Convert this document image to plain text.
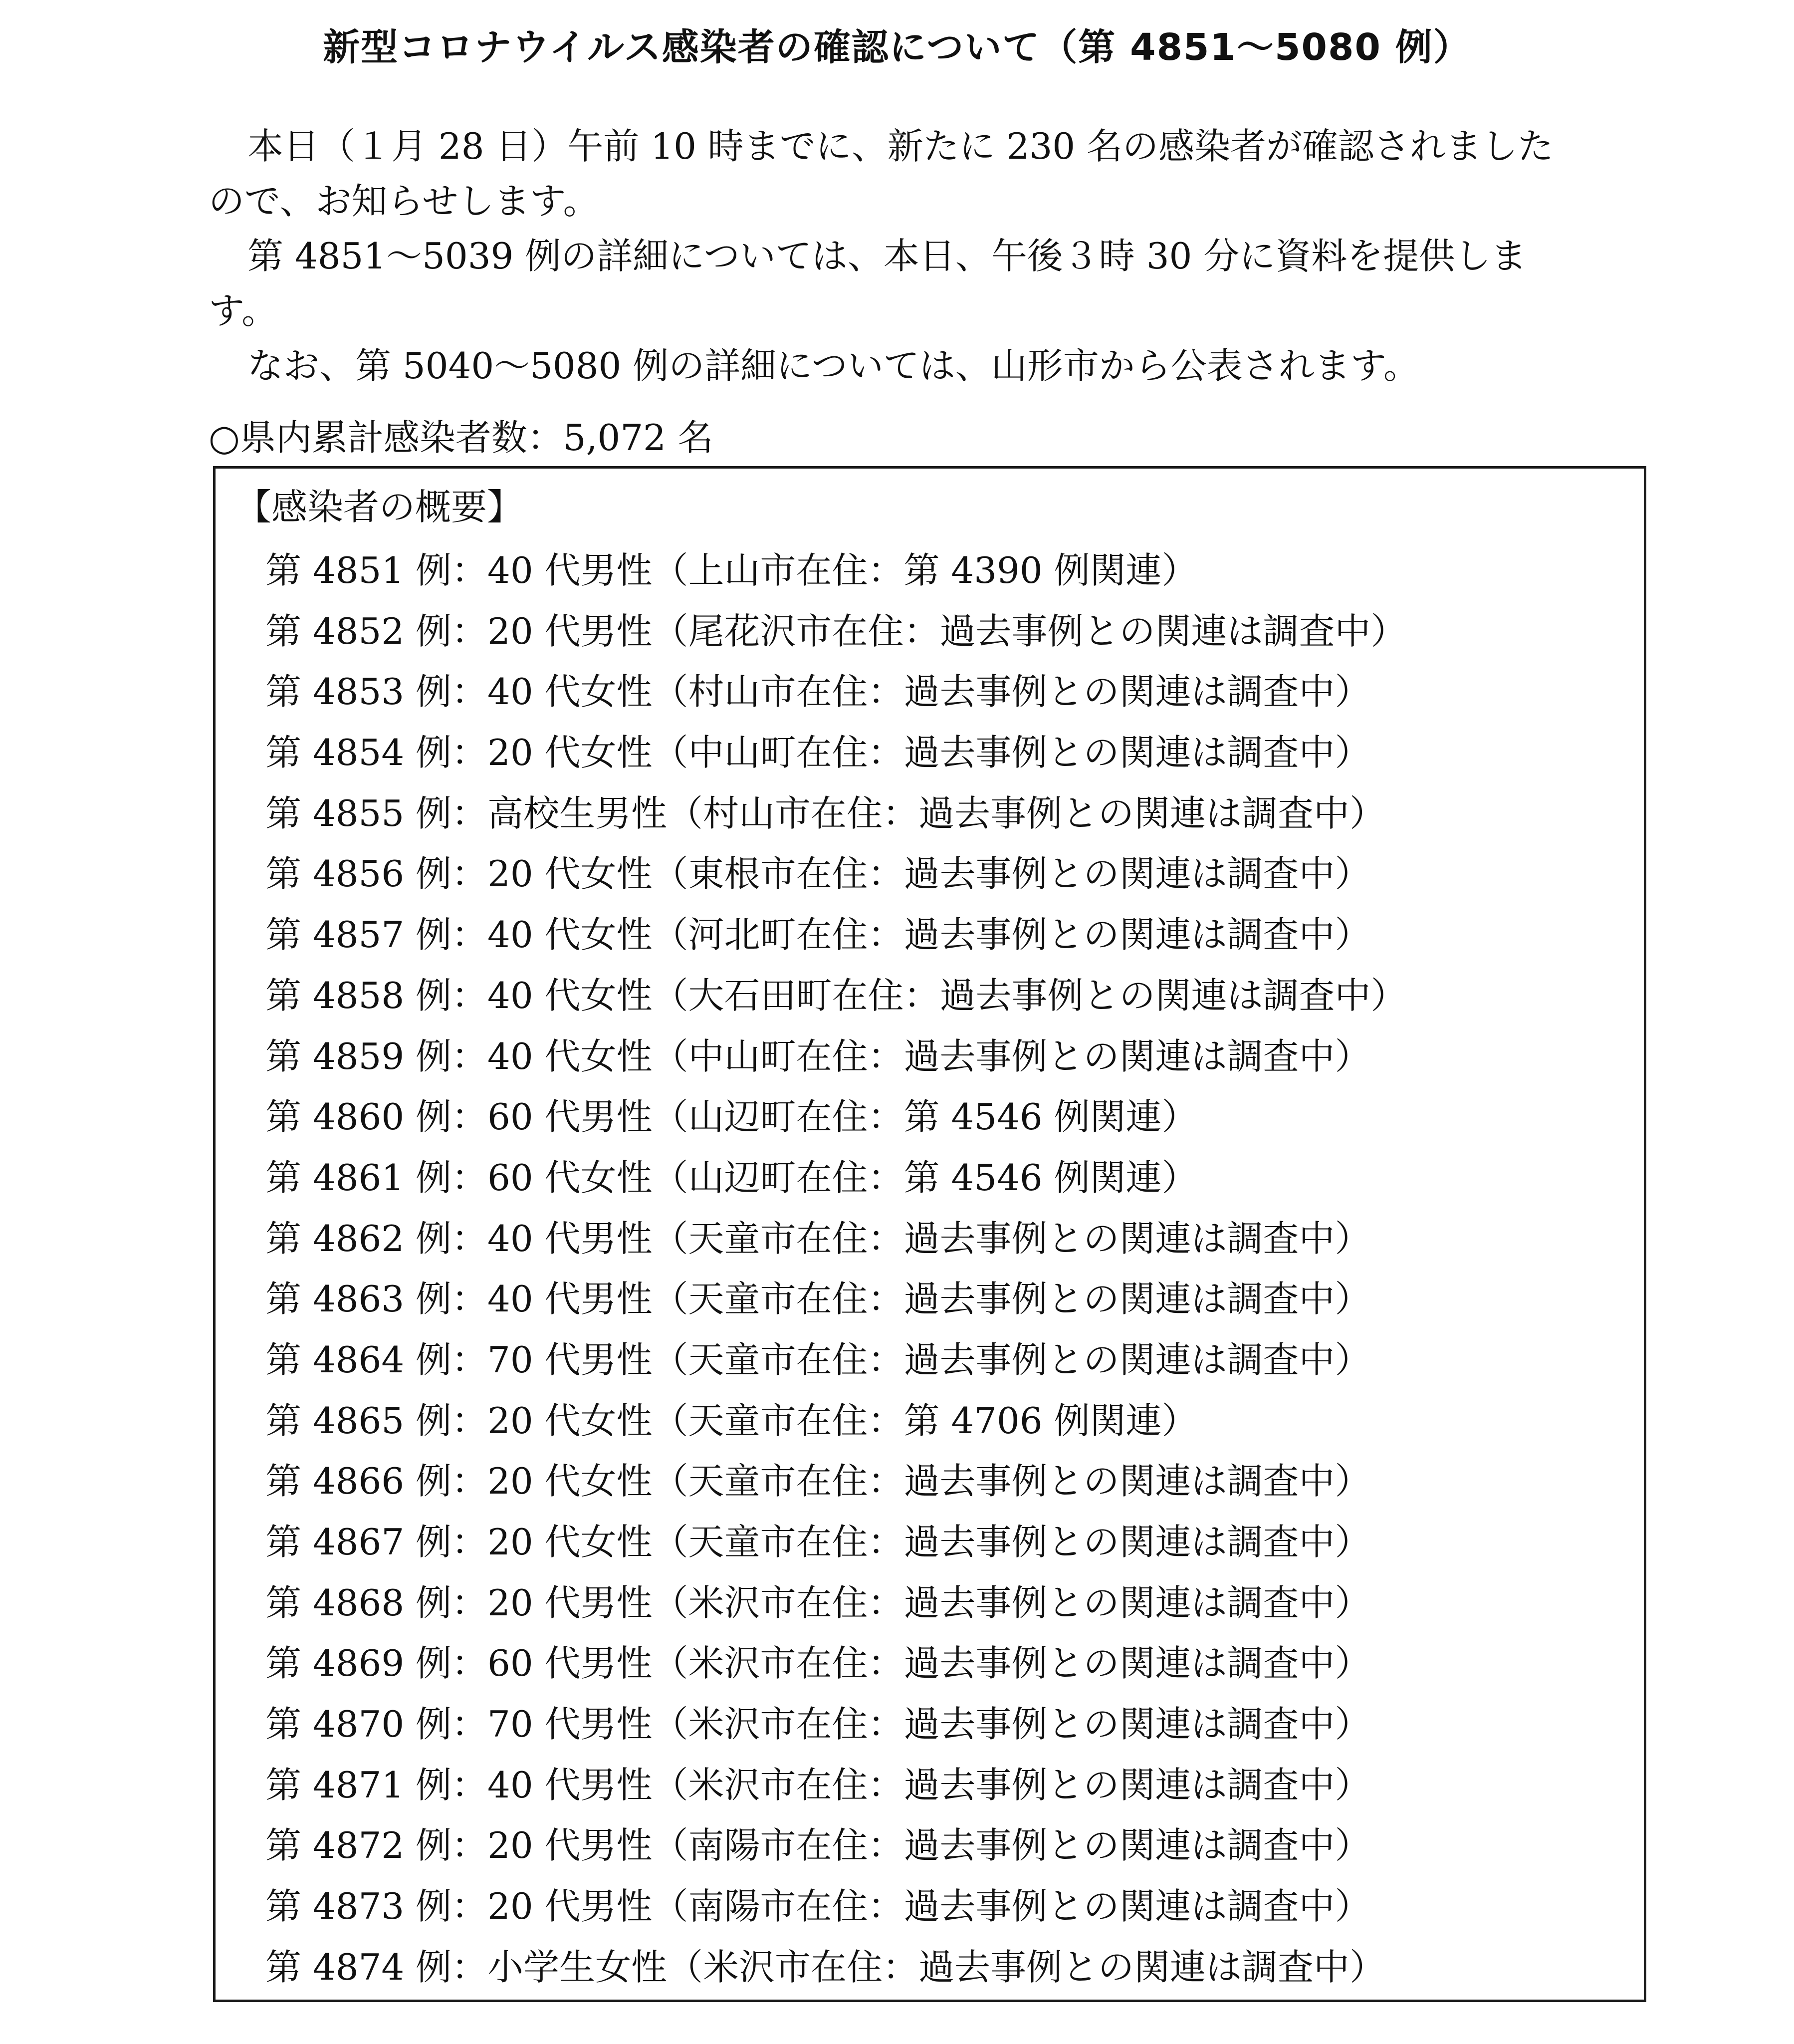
新型コロナウイルス感染者の確認について（第 4851～5080 例）

本日（１月 28 日）午前 10 時までに、新たに 230 名の感染者が確認されましたので、お知らせします。

第 4851～5039 例の詳細については、本日、午後３時 30 分に資料を提供します。

なお、第 5040～5080 例の詳細については、山形市から公表されます。

○県内累計感染者数：5,072 名
【感染者の概要】
第 4851 例：40 代男性（上山市在住：第 4390 例関連）
第 4852 例：20 代男性（尾花沢市在住：過去事例との関連は調査中）
第 4853 例：40 代女性（村山市在住：過去事例との関連は調査中）
第 4854 例：20 代女性（中山町在住：過去事例との関連は調査中）
第 4855 例：高校生男性（村山市在住：過去事例との関連は調査中）
第 4856 例：20 代女性（東根市在住：過去事例との関連は調査中）
第 4857 例：40 代女性（河北町在住：過去事例との関連は調査中）
第 4858 例：40 代女性（大石田町在住：過去事例との関連は調査中）
第 4859 例：40 代女性（中山町在住：過去事例との関連は調査中）
第 4860 例：60 代男性（山辺町在住：第 4546 例関連）
第 4861 例：60 代女性（山辺町在住：第 4546 例関連）
第 4862 例：40 代男性（天童市在住：過去事例との関連は調査中）
第 4863 例：40 代男性（天童市在住：過去事例との関連は調査中）
第 4864 例：70 代男性（天童市在住：過去事例との関連は調査中）
第 4865 例：20 代女性（天童市在住：第 4706 例関連）
第 4866 例：20 代女性（天童市在住：過去事例との関連は調査中）
第 4867 例：20 代女性（天童市在住：過去事例との関連は調査中）
第 4868 例：20 代男性（米沢市在住：過去事例との関連は調査中）
第 4869 例：60 代男性（米沢市在住：過去事例との関連は調査中）
第 4870 例：70 代男性（米沢市在住：過去事例との関連は調査中）
第 4871 例：40 代男性（米沢市在住：過去事例との関連は調査中）
第 4872 例：20 代男性（南陽市在住：過去事例との関連は調査中）
第 4873 例：20 代男性（南陽市在住：過去事例との関連は調査中）
第 4874 例：小学生女性（米沢市在住：過去事例との関連は調査中）
